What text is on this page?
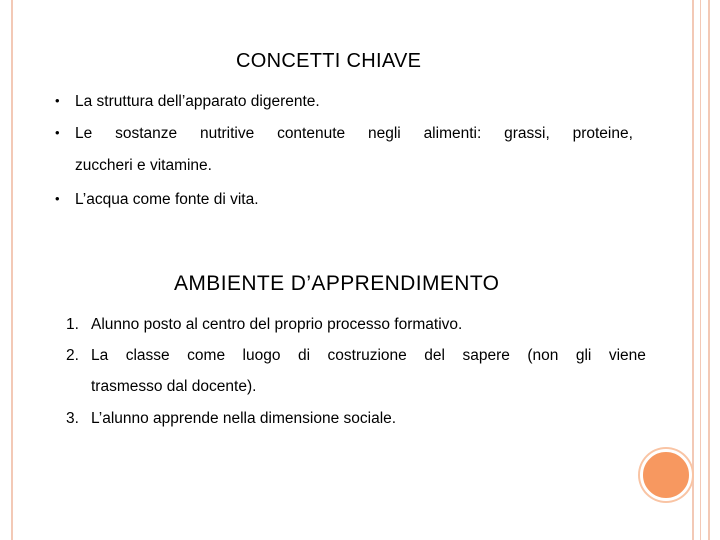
CONCETTI CHIAVE
• La struttura dell’apparato digerente.
• Le sostanze nutritive contenute negli alimenti: grassi, proteine,
zuccheri e vitamine.
• L’acqua come fonte di vita.
AMBIENTE D’APPRENDIMENTO
1. Alunno posto al centro del proprio processo formativo.
2. La classe come luogo di costruzione del sapere (non gli viene
trasmesso dal docente).
3. L’alunno apprende nella dimensione sociale.
